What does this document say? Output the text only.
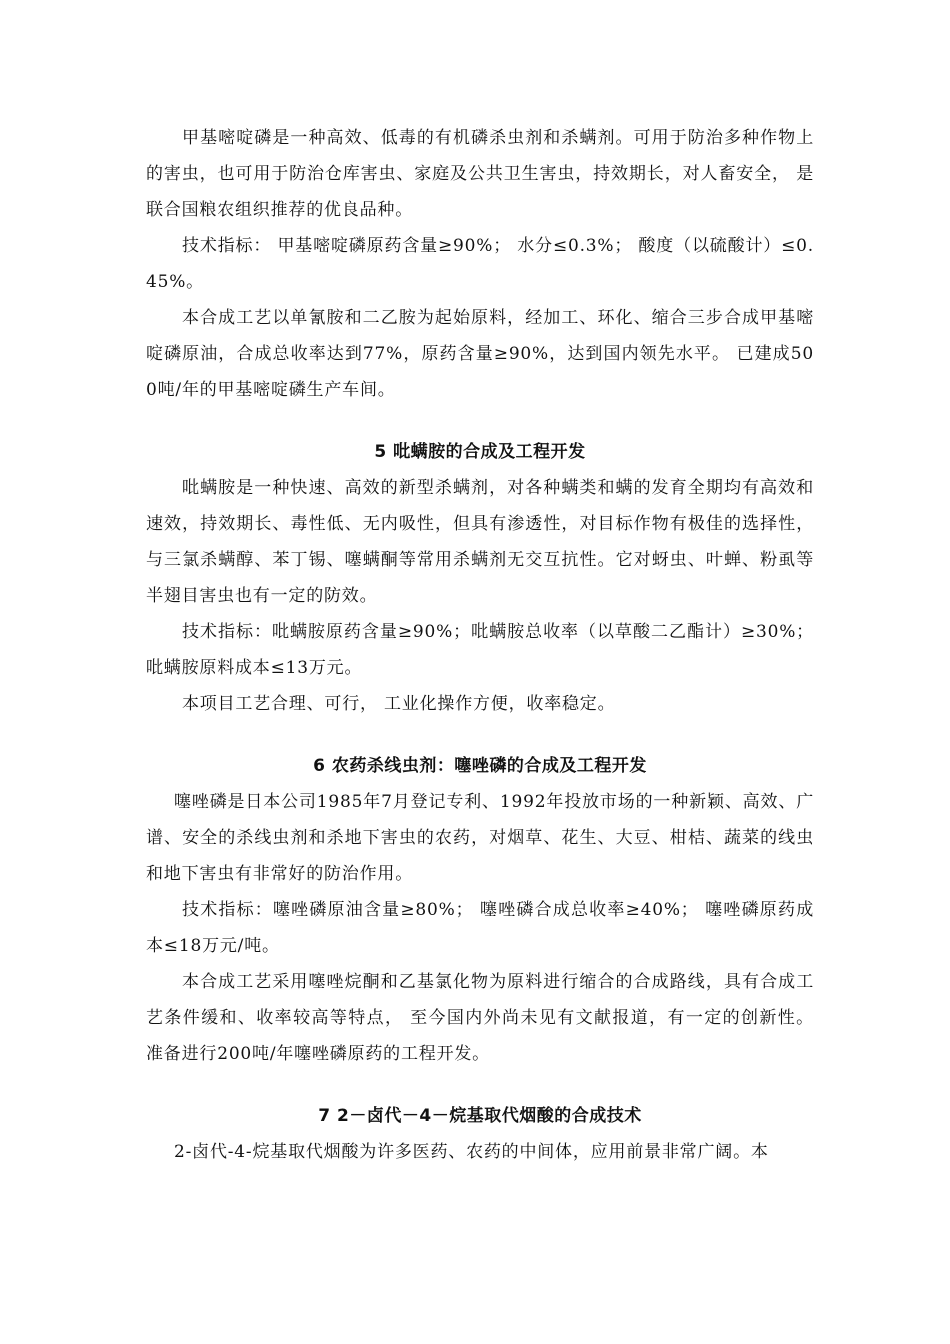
甲基嘧啶磷是一种高效、低毒的有机磷杀虫剂和杀螨剂。可用于防治多种作物上的害虫，也可用于防治仓库害虫、家庭及公共卫生害虫，持效期长，对人畜安全， 是联合国粮农组织推荐的优良品种。

技术指标： 甲基嘧啶磷原药含量≥90%； 水分≤0.3%； 酸度（以硫酸计）≤0.45%。

本合成工艺以单氰胺和二乙胺为起始原料，经加工、环化、缩合三步合成甲基嘧啶磷原油，合成总收率达到77%，原药含量≥90%，达到国内领先水平。 已建成500吨/年的甲基嘧啶磷生产车间。

5 吡螨胺的合成及工程开发

吡螨胺是一种快速、高效的新型杀螨剂，对各种螨类和螨的发育全期均有高效和速效，持效期长、毒性低、无内吸性，但具有渗透性，对目标作物有极佳的选择性，与三氯杀螨醇、苯丁锡、噻螨酮等常用杀螨剂无交互抗性。它对蚜虫、叶蝉、粉虱等半翅目害虫也有一定的防效。

技术指标：吡螨胺原药含量≥90%；吡螨胺总收率（以草酸二乙酯计）≥30%；吡螨胺原料成本≤13万元。

本项目工艺合理、可行， 工业化操作方便，收率稳定。

6 农药杀线虫剂：噻唑磷的合成及工程开发

噻唑磷是日本公司1985年7月登记专利、1992年投放市场的一种新颖、高效、广谱、安全的杀线虫剂和杀地下害虫的农药，对烟草、花生、大豆、柑桔、蔬菜的线虫和地下害虫有非常好的防治作用。

技术指标：噻唑磷原油含量≥80%； 噻唑磷合成总收率≥40%； 噻唑磷原药成本≤18万元/吨。

本合成工艺采用噻唑烷酮和乙基氯化物为原料进行缩合的合成路线，具有合成工艺条件缓和、收率较高等特点， 至今国内外尚未见有文献报道，有一定的创新性。 准备进行200吨/年噻唑磷原药的工程开发。

7 2－卤代－4－烷基取代烟酸的合成技术

2-卤代-4-烷基取代烟酸为许多医药、农药的中间体，应用前景非常广阔。本
